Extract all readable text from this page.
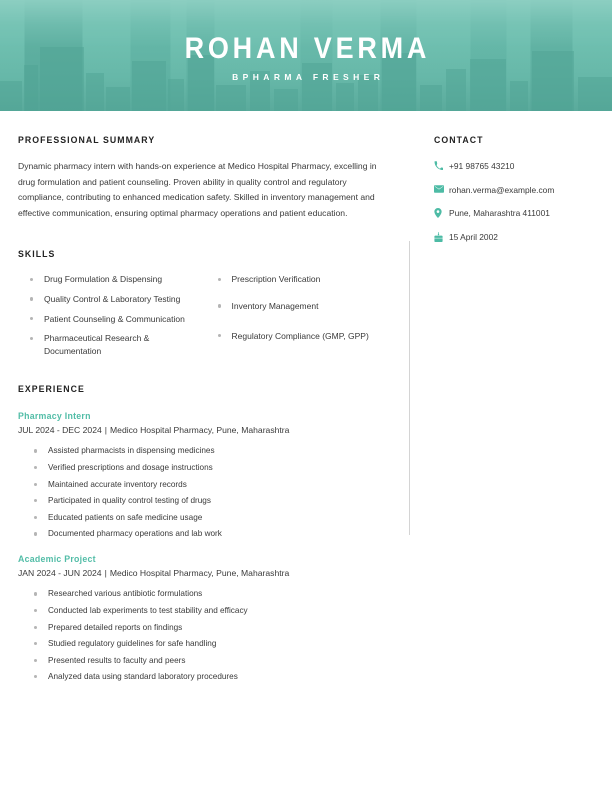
ROHAN VERMA
BPHARMA FRESHER
PROFESSIONAL SUMMARY
Dynamic pharmacy intern with hands-on experience at Medico Hospital Pharmacy, excelling in drug formulation and patient counseling. Proven ability in quality control and regulatory compliance, contributing to enhanced medication safety. Skilled in inventory management and effective communication, ensuring optimal pharmacy operations and patient education.
SKILLS
Drug Formulation & Dispensing
Quality Control & Laboratory Testing
Patient Counseling & Communication
Pharmaceutical Research & Documentation
Prescription Verification
Inventory Management
Regulatory Compliance (GMP, GPP)
EXPERIENCE
Pharmacy Intern
JUL 2024 - DEC 2024 | Medico Hospital Pharmacy, Pune, Maharashtra
Assisted pharmacists in dispensing medicines
Verified prescriptions and dosage instructions
Maintained accurate inventory records
Participated in quality control testing of drugs
Educated patients on safe medicine usage
Documented pharmacy operations and lab work
Academic Project
JAN 2024 - JUN 2024 | Medico Hospital Pharmacy, Pune, Maharashtra
Researched various antibiotic formulations
Conducted lab experiments to test stability and efficacy
Prepared detailed reports on findings
Studied regulatory guidelines for safe handling
Presented results to faculty and peers
Analyzed data using standard laboratory procedures
CONTACT
+91 98765 43210
rohan.verma@example.com
Pune, Maharashtra 411001
15 April 2002
